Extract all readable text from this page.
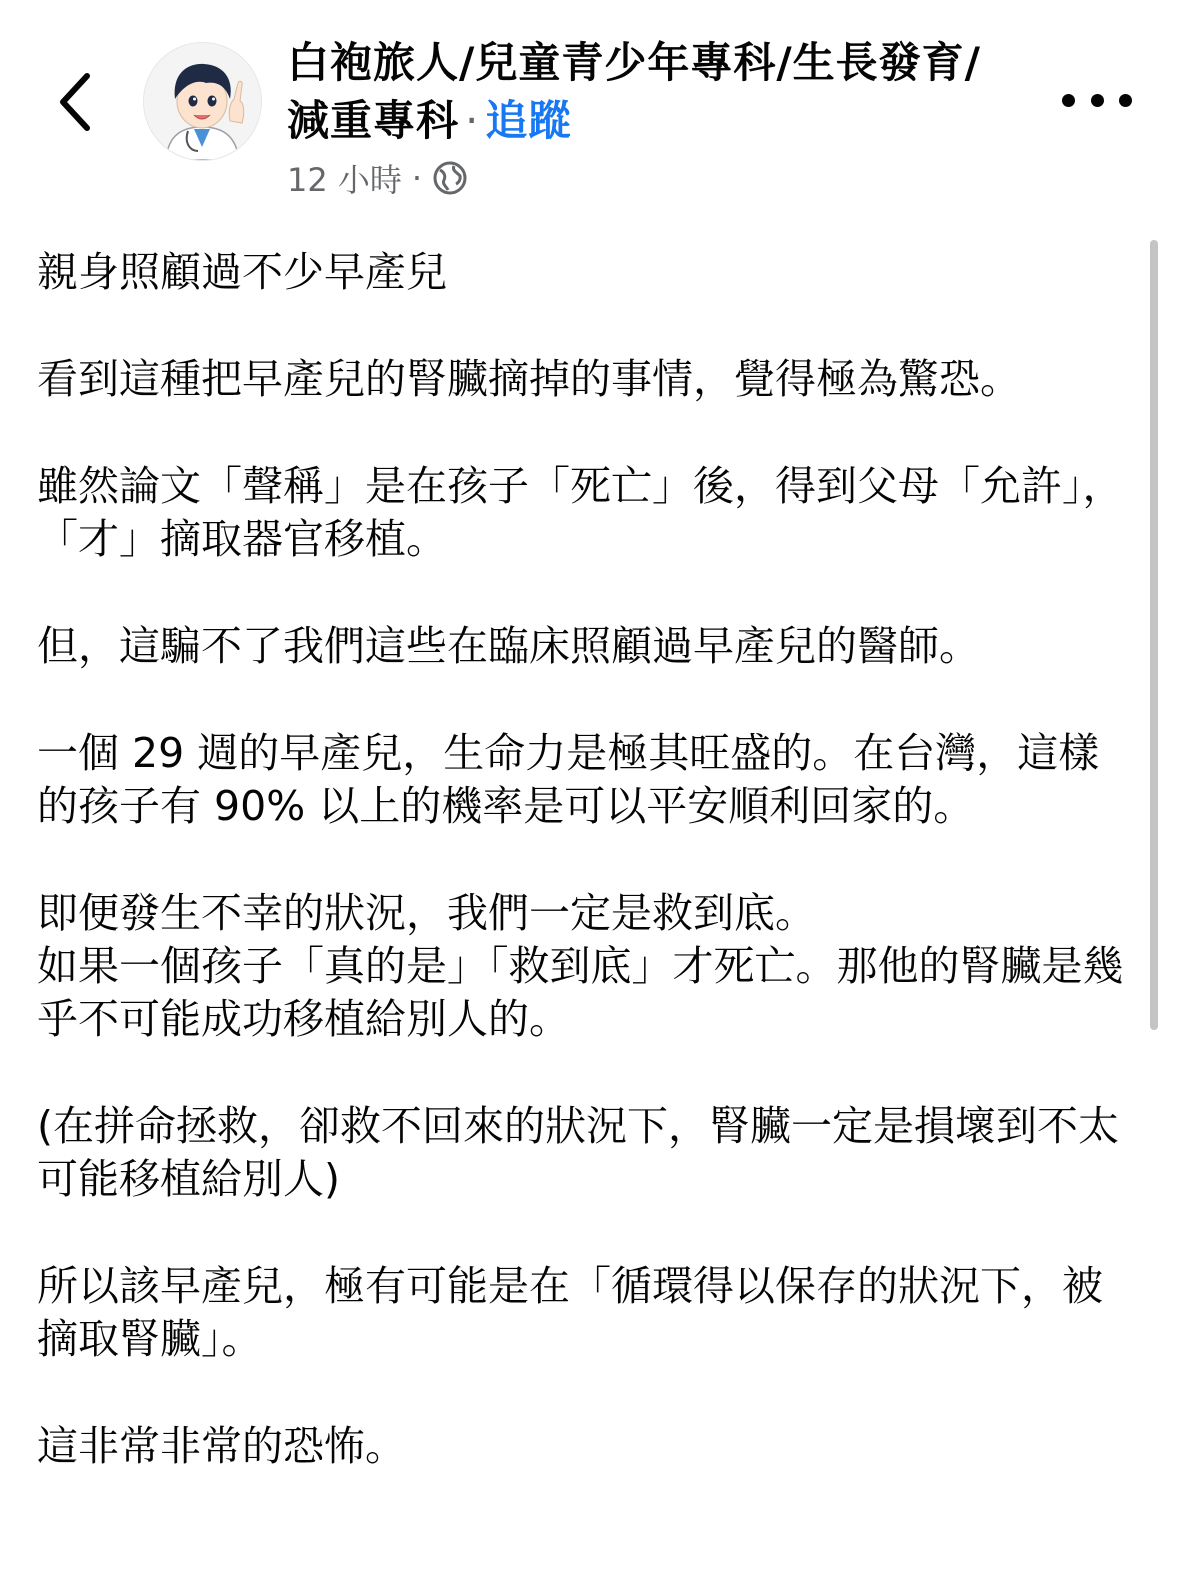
白袍旅人/兒童青少年專科/生長發育/減重專科 · 追蹤
12 小時 ·

親身照顧過不少早產兒

看到這種把早產兒的腎臟摘掉的事情，覺得極為驚恐。

雖然論文「聲稱」是在孩子「死亡」後，得到父母「允許」，「才」摘取器官移植。

但，這騙不了我們這些在臨床照顧過早產兒的醫師。

一個 29 週的早產兒，生命力是極其旺盛的。在台灣，這樣的孩子有 90% 以上的機率是可以平安順利回家的。

即便發生不幸的狀況，我們一定是救到底。
如果一個孩子「真的是」「救到底」才死亡。那他的腎臟是幾乎不可能成功移植給別人的。

(在拼命拯救，卻救不回來的狀況下，腎臟一定是損壞到不太可能移植給別人)

所以該早產兒，極有可能是在「循環得以保存的狀況下，被摘取腎臟」。

這非常非常的恐怖。
